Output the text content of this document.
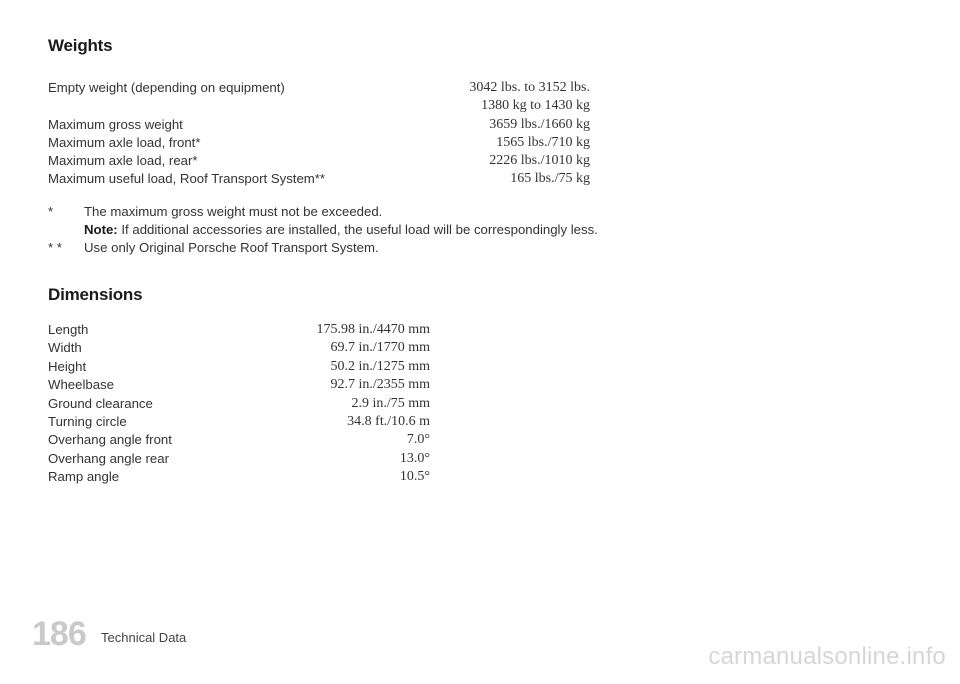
Weights
Empty weight (depending on equipment)	3042 lbs. to 3152 lbs.
1380 kg to 1430 kg
Maximum gross weight	3659 lbs./1660 kg
Maximum axle load, front*	1565 lbs./710 kg
Maximum axle load, rear*	2226 lbs./1010 kg
Maximum useful load, Roof Transport System**	165 lbs./75 kg
*	The maximum gross weight must not be exceeded.
Note: If additional accessories are installed, the useful load will be correspondingly less.
* *	Use only Original Porsche Roof Transport System.
Dimensions
Length	175.98 in./4470 mm
Width	69.7 in./1770 mm
Height	50.2 in./1275 mm
Wheelbase	92.7 in./2355 mm
Ground clearance	2.9 in./75 mm
Turning circle	34.8 ft./10.6 m
Overhang angle front	7.0°
Overhang angle rear	13.0°
Ramp angle	10.5°
186 Technical Data
carmanualsonline.info
